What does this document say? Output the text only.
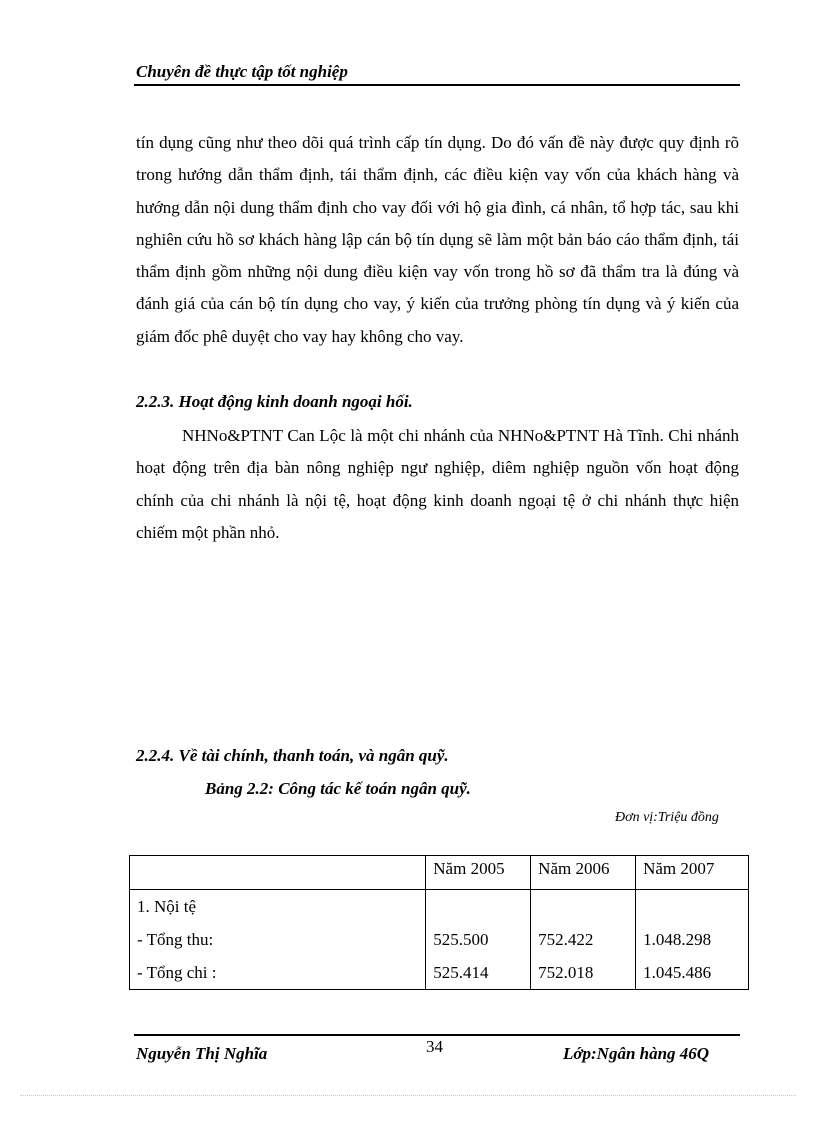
Chuyên đề thực tập tốt nghiệp

tín dụng cũng như theo dõi quá trình cấp tín dụng. Do đó vấn đề này được quy định rõ trong hướng dẫn thẩm định, tái thẩm định, các điều kiện vay vốn của khách hàng và hướng dẫn nội dung thẩm định cho vay đối với hộ gia đình, cá nhân, tổ hợp tác, sau khi nghiên cứu hồ sơ khách hàng lập cán bộ tín dụng sẽ làm một bản báo cáo thẩm định, tái thẩm định gồm những nội dung điều kiện vay vốn trong hồ sơ đã thẩm tra là đúng và đánh giá của cán bộ tín dụng cho vay, ý kiến của trưởng phòng tín dụng và ý kiến của giám đốc phê duyệt cho vay hay không cho vay.

2.2.3. Hoạt động kinh doanh ngoại hối.

NHNo&PTNT Can Lộc là một chi nhánh của NHNo&PTNT Hà Tĩnh. Chi nhánh hoạt động trên địa bàn nông nghiệp ngư nghiệp, diêm nghiệp nguồn vốn hoạt động chính của chi nhánh là nội tệ, hoạt động kinh doanh ngoại tệ ở chi nhánh thực hiện chiếm một phần nhỏ.

2.2.4. Về tài chính, thanh toán, và ngân quỹ.
Bảng 2.2: Công tác kế toán ngân quỹ.
Đơn vị:Triệu đồng
	Năm 2005	Năm 2006	Năm 2007
1. Nội tệ			
- Tổng thu:	525.500	752.422	1.048.298
- Tổng chi :	525.414	752.018	1.045.486
34
Nguyễn Thị Nghĩa	Lớp:Ngân hàng 46Q
